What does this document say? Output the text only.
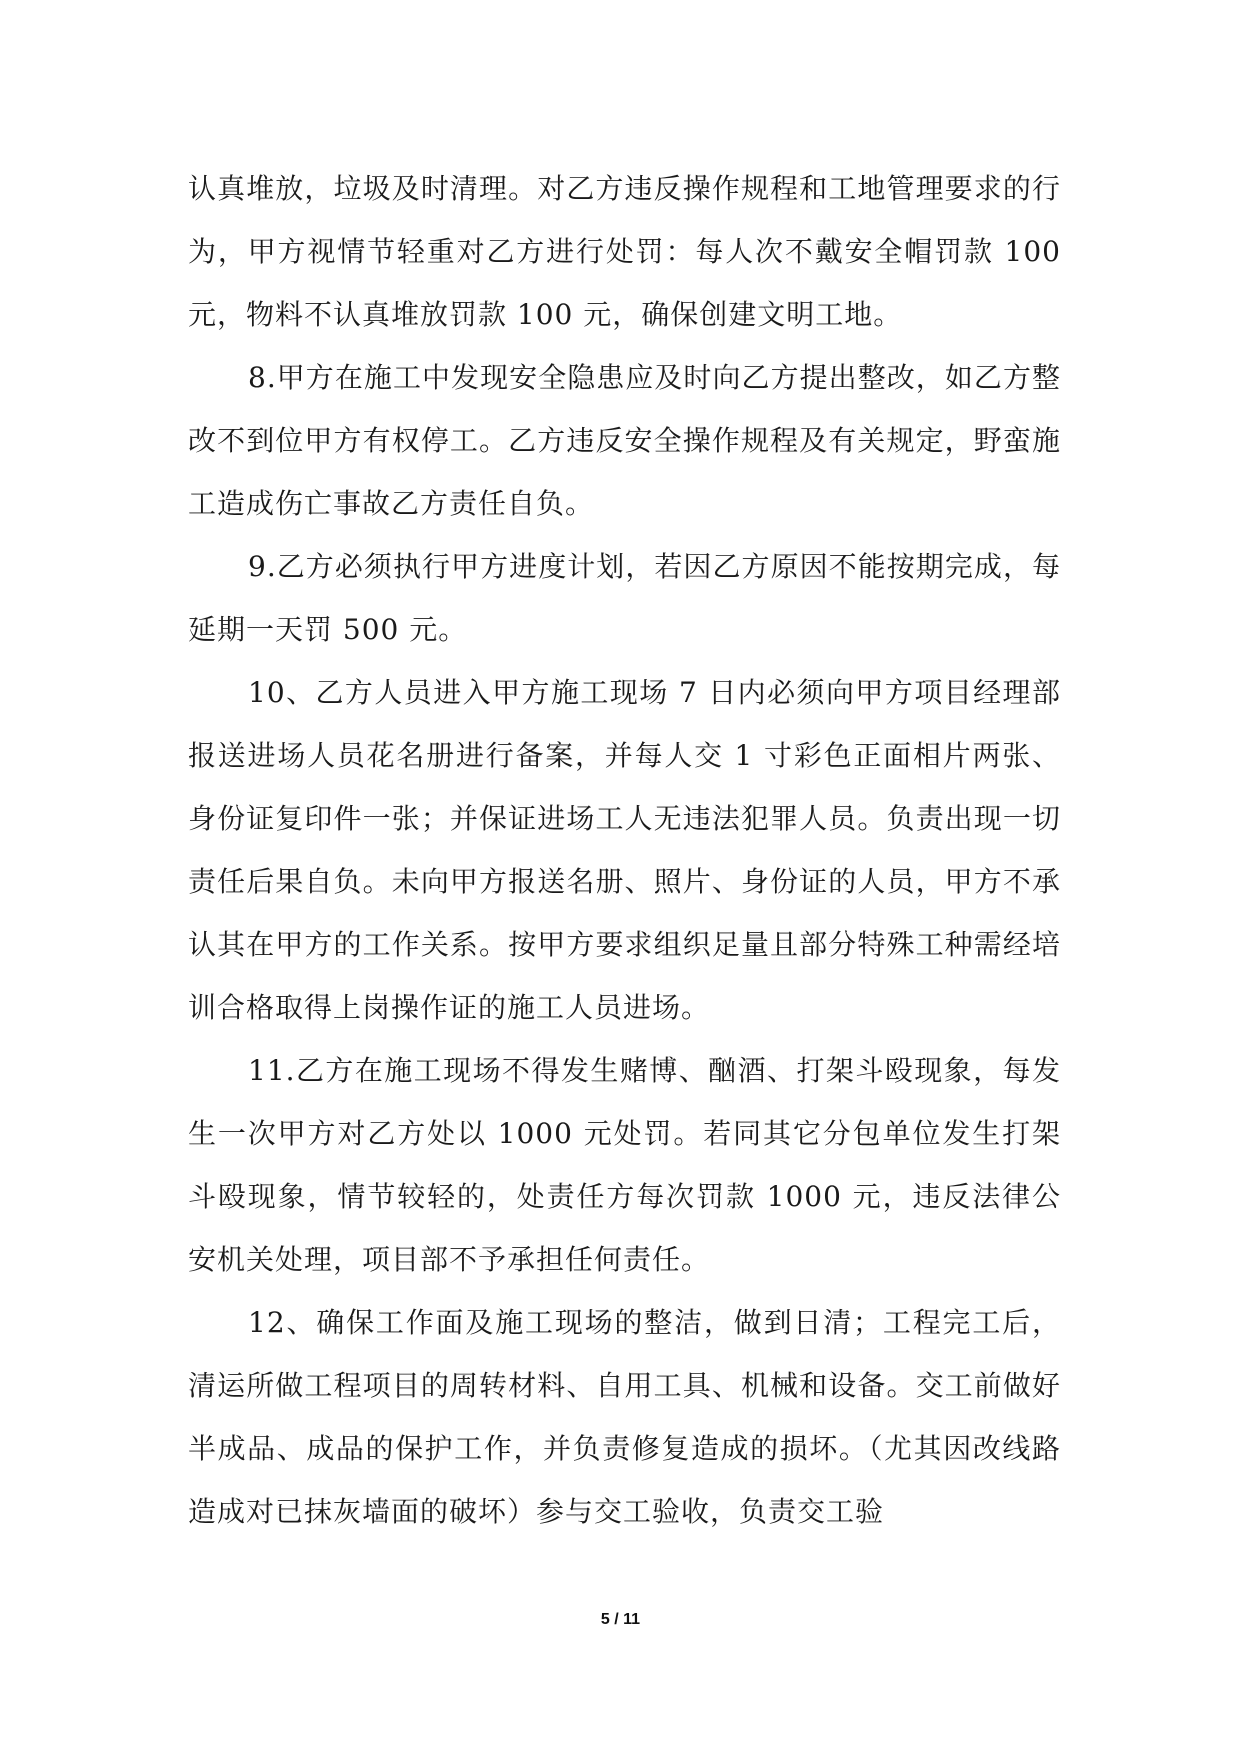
认真堆放，垃圾及时清理。对乙方违反操作规程和工地管理要求的行为，甲方视情节轻重对乙方进行处罚：每人次不戴安全帽罚款 100 元，物料不认真堆放罚款 100 元，确保创建文明工地。

8.甲方在施工中发现安全隐患应及时向乙方提出整改，如乙方整改不到位甲方有权停工。乙方违反安全操作规程及有关规定，野蛮施工造成伤亡事故乙方责任自负。

9.乙方必须执行甲方进度计划，若因乙方原因不能按期完成，每延期一天罚 500 元。

10、乙方人员进入甲方施工现场 7 日内必须向甲方项目经理部报送进场人员花名册进行备案，并每人交 1 寸彩色正面相片两张、身份证复印件一张；并保证进场工人无违法犯罪人员。负责出现一切责任后果自负。未向甲方报送名册、照片、身份证的人员，甲方不承认其在甲方的工作关系。按甲方要求组织足量且部分特殊工种需经培训合格取得上岗操作证的施工人员进场。

11.乙方在施工现场不得发生赌博、酗酒、打架斗殴现象，每发生一次甲方对乙方处以 1000 元处罚。若同其它分包单位发生打架斗殴现象，情节较轻的，处责任方每次罚款 1000 元，违反法律公安机关处理，项目部不予承担任何责任。

12、确保工作面及施工现场的整洁，做到日清；工程完工后，清运所做工程项目的周转材料、自用工具、机械和设备。交工前做好半成品、成品的保护工作，并负责修复造成的损坏。（尤其因改线路造成对已抹灰墙面的破坏）参与交工验收，负责交工验

5 / 11
